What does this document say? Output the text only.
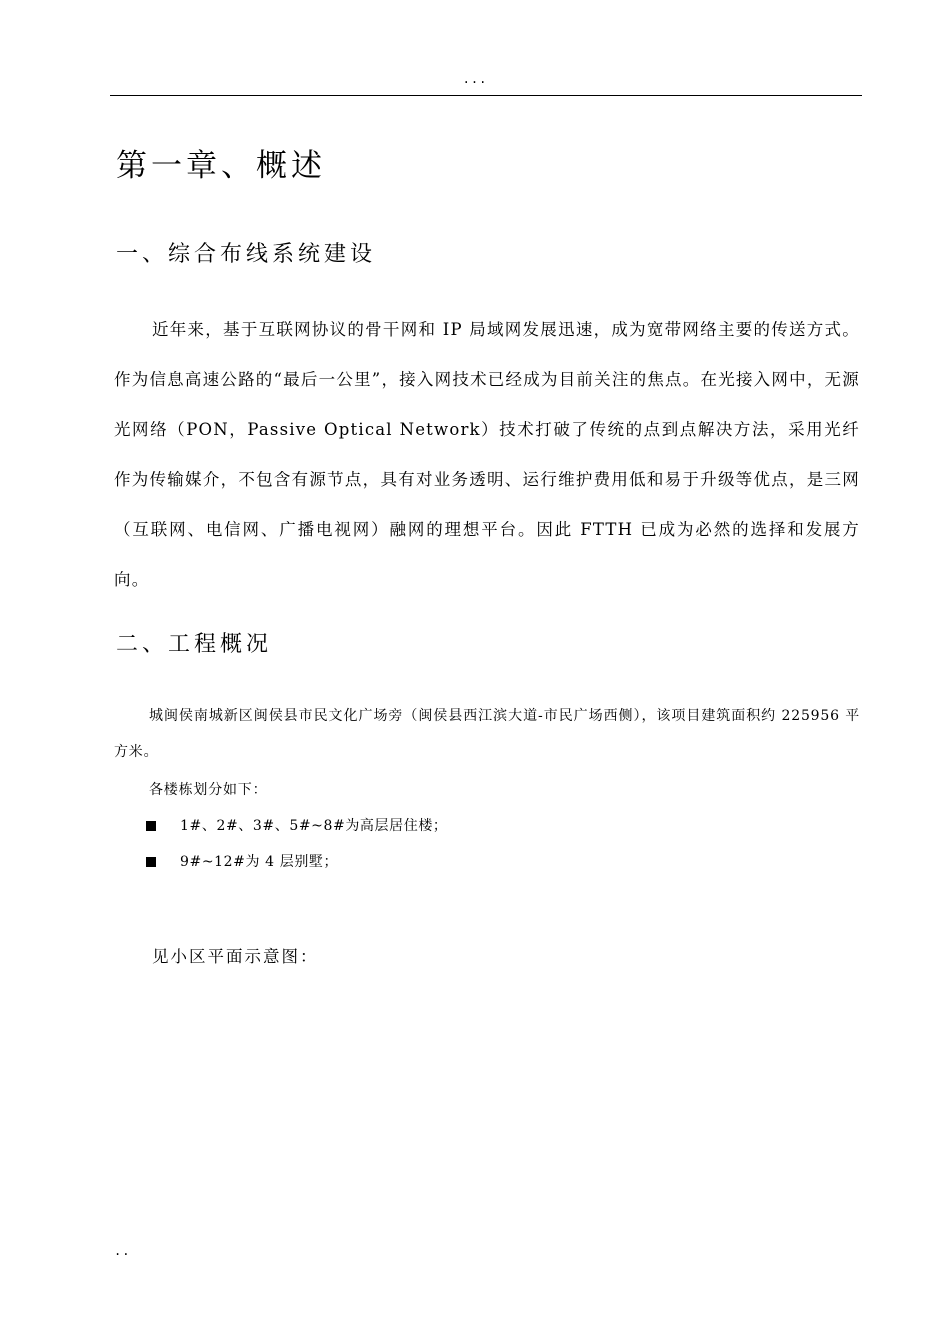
...
第一章、概述
一、综合布线系统建设

近年来，基于互联网协议的骨干网和 IP 局域网发展迅速，成为宽带网络主要的传送方式。作为信息高速公路的“最后一公里”，接入网技术已经成为目前关注的焦点。在光接入网中，无源光网络（PON，Passive Optical Network）技术打破了传统的点到点解决方法，采用光纤作为传输媒介，不包含有源节点，具有对业务透明、运行维护费用低和易于升级等优点，是三网（互联网、电信网、广播电视网）融网的理想平台。因此 FTTH 已成为必然的选择和发展方向。

二、工程概况

城闽侯南城新区闽侯县市民文化广场旁（闽侯县西江滨大道-市民广场西侧），该项目建筑面积约 225956 平方米。

各楼栋划分如下：

1#、2#、3#、5#~8#为高层居住楼；
9#~12#为 4 层别墅；

见小区平面示意图：

..
